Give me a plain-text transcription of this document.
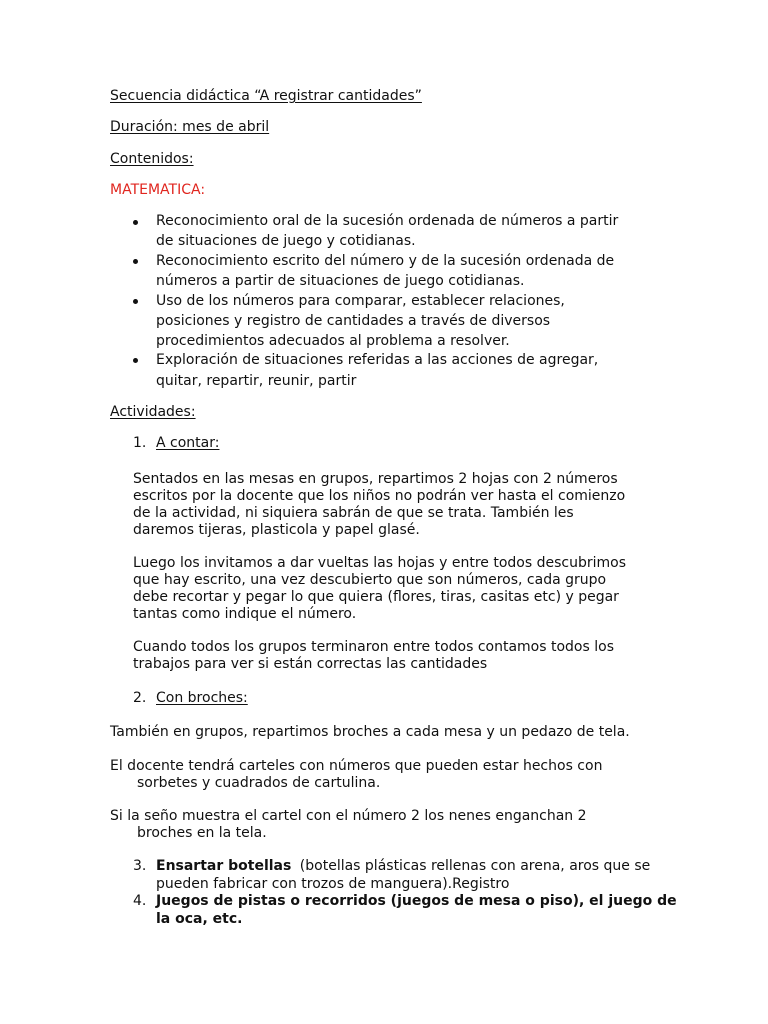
Secuencia didáctica “A registrar cantidades”
Duración: mes de abril
Contenidos:
MATEMATICA:
Reconocimiento oral de la sucesión ordenada de números a partir
de situaciones de juego y cotidianas.
Reconocimiento escrito del número y de la sucesión ordenada de
números a partir de situaciones de juego cotidianas.
Uso de los números para comparar, establecer relaciones,
posiciones y registro de cantidades a través de diversos
procedimientos adecuados al problema a resolver.
Exploración de situaciones referidas a las acciones de agregar,
quitar, repartir, reunir, partir
Actividades:
1. A contar:
Sentados en las mesas en grupos, repartimos 2 hojas con 2 números
escritos por la docente que los niños no podrán ver hasta el comienzo
de la actividad, ni siquiera sabrán de que se trata. También les
daremos tijeras, plasticola y papel glasé.
Luego los invitamos a dar vueltas las hojas y entre todos descubrimos
que hay escrito, una vez descubierto que son números, cada grupo
debe recortar y pegar lo que quiera (flores, tiras, casitas etc) y pegar
tantas como indique el número.
Cuando todos los grupos terminaron entre todos contamos todos los
trabajos para ver si están correctas las cantidades
2. Con broches:
También en grupos, repartimos broches a cada mesa y un pedazo de tela.
El docente tendrá carteles con números que pueden estar hechos con
sorbetes y cuadrados de cartulina.
Si la seño muestra el cartel con el número 2 los nenes enganchan 2
broches en la tela.
3. Ensartar botellas (botellas plásticas rellenas con arena, aros que se
pueden fabricar con trozos de manguera).Registro
4. Juegos de pistas o recorridos (juegos de mesa o piso), el juego de
la oca, etc.
